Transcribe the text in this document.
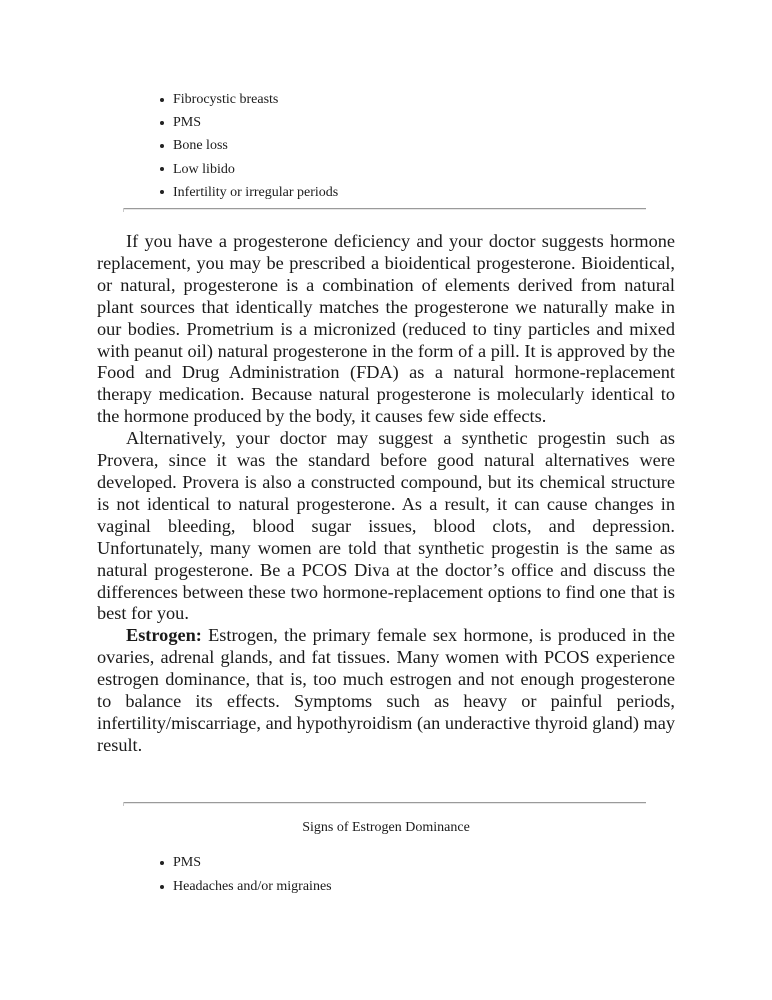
Fibrocystic breasts
PMS
Bone loss
Low libido
Infertility or irregular periods

If you have a progesterone deficiency and your doctor suggests hormone replacement, you may be prescribed a bioidentical progesterone. Bioidentical, or natural, progesterone is a combination of elements derived from natural plant sources that identically matches the progesterone we naturally make in our bodies. Prometrium is a micronized (reduced to tiny particles and mixed with peanut oil) natural progesterone in the form of a pill. It is approved by the Food and Drug Administration (FDA) as a natural hormone-replacement therapy medication. Because natural progesterone is molecularly identical to the hormone produced by the body, it causes few side effects.

Alternatively, your doctor may suggest a synthetic progestin such as Provera, since it was the standard before good natural alternatives were developed. Provera is also a constructed compound, but its chemical structure is not identical to natural progesterone. As a result, it can cause changes in vaginal bleeding, blood sugar issues, blood clots, and depression. Unfortunately, many women are told that synthetic progestin is the same as natural progesterone. Be a PCOS Diva at the doctor’s office and discuss the differences between these two hormone-replacement options to find one that is best for you.

Estrogen: Estrogen, the primary female sex hormone, is produced in the ovaries, adrenal glands, and fat tissues. Many women with PCOS experience estrogen dominance, that is, too much estrogen and not enough progesterone to balance its effects. Symptoms such as heavy or painful periods, infertility/miscarriage, and hypothyroidism (an underactive thyroid gland) may result.

Signs of Estrogen Dominance
PMS
Headaches and/or migraines
